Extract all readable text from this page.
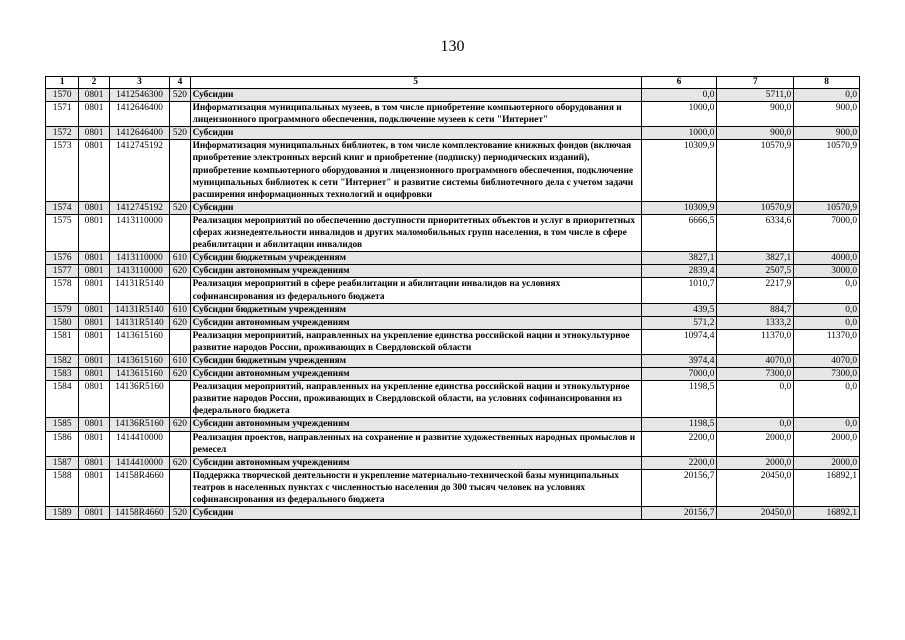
130
1	2	3	4	5	6	7	8
1570	0801	1412546300	520	Субсидии	0,0	5711,0	0,0
1571	0801	1412646400		Информатизация муниципальных музеев, в том числе приобретение компьютерного оборудования и лицензионного программного обеспечения, подключение музеев к сети "Интернет"	1000,0	900,0	900,0
1572	0801	1412646400	520	Субсидии	1000,0	900,0	900,0
1573	0801	1412745192		Информатизация муниципальных библиотек, в том числе комплектование книжных фондов (включая приобретение электронных версий книг и приобретение (подписку) периодических изданий), приобретение компьютерного оборудования и лицензионного программного обеспечения, подключение муниципальных библиотек к сети "Интернет" и развитие системы библиотечного дела с учетом задачи расширения информационных технологий и оцифровки	10309,9	10570,9	10570,9
1574	0801	1412745192	520	Субсидии	10309,9	10570,9	10570,9
1575	0801	1413110000		Реализация мероприятий по обеспечению доступности приоритетных объектов и услуг в приоритетных сферах жизнедеятельности инвалидов и других маломобильных групп населения, в том числе в сфере реабилитации и абилитации инвалидов	6666,5	6334,6	7000,0
1576	0801	1413110000	610	Субсидии бюджетным учреждениям	3827,1	3827,1	4000,0
1577	0801	1413110000	620	Субсидии автономным учреждениям	2839,4	2507,5	3000,0
1578	0801	14131R5140		Реализация мероприятий в сфере реабилитации и абилитации инвалидов на условиях софинансирования из федерального бюджета	1010,7	2217,9	0,0
1579	0801	14131R5140	610	Субсидии бюджетным учреждениям	439,5	884,7	0,0
1580	0801	14131R5140	620	Субсидии автономным учреждениям	571,2	1333,2	0,0
1581	0801	1413615160		Реализация мероприятий, направленных на укрепление единства российской нации и этнокультурное развитие народов России, проживающих в Свердловской области	10974,4	11370,0	11370,0
1582	0801	1413615160	610	Субсидии бюджетным учреждениям	3974,4	4070,0	4070,0
1583	0801	1413615160	620	Субсидии автономным учреждениям	7000,0	7300,0	7300,0
1584	0801	14136R5160		Реализация мероприятий, направленных на укрепление единства российской нации и этнокультурное развитие народов России, проживающих в Свердловской области, на условиях софинансирования из федерального бюджета	1198,5	0,0	0,0
1585	0801	14136R5160	620	Субсидии автономным учреждениям	1198,5	0,0	0,0
1586	0801	1414410000		Реализация проектов, направленных на сохранение и развитие художественных народных промыслов и ремесел	2200,0	2000,0	2000,0
1587	0801	1414410000	620	Субсидии автономным учреждениям	2200,0	2000,0	2000,0
1588	0801	14158R4660		Поддержка творческой деятельности и укрепление материально-технической базы муниципальных театров в населенных пунктах с численностью населения до 300 тысяч человек на условиях софинансирования из федерального бюджета	20156,7	20450,0	16892,1
1589	0801	14158R4660	520	Субсидии	20156,7	20450,0	16892,1
